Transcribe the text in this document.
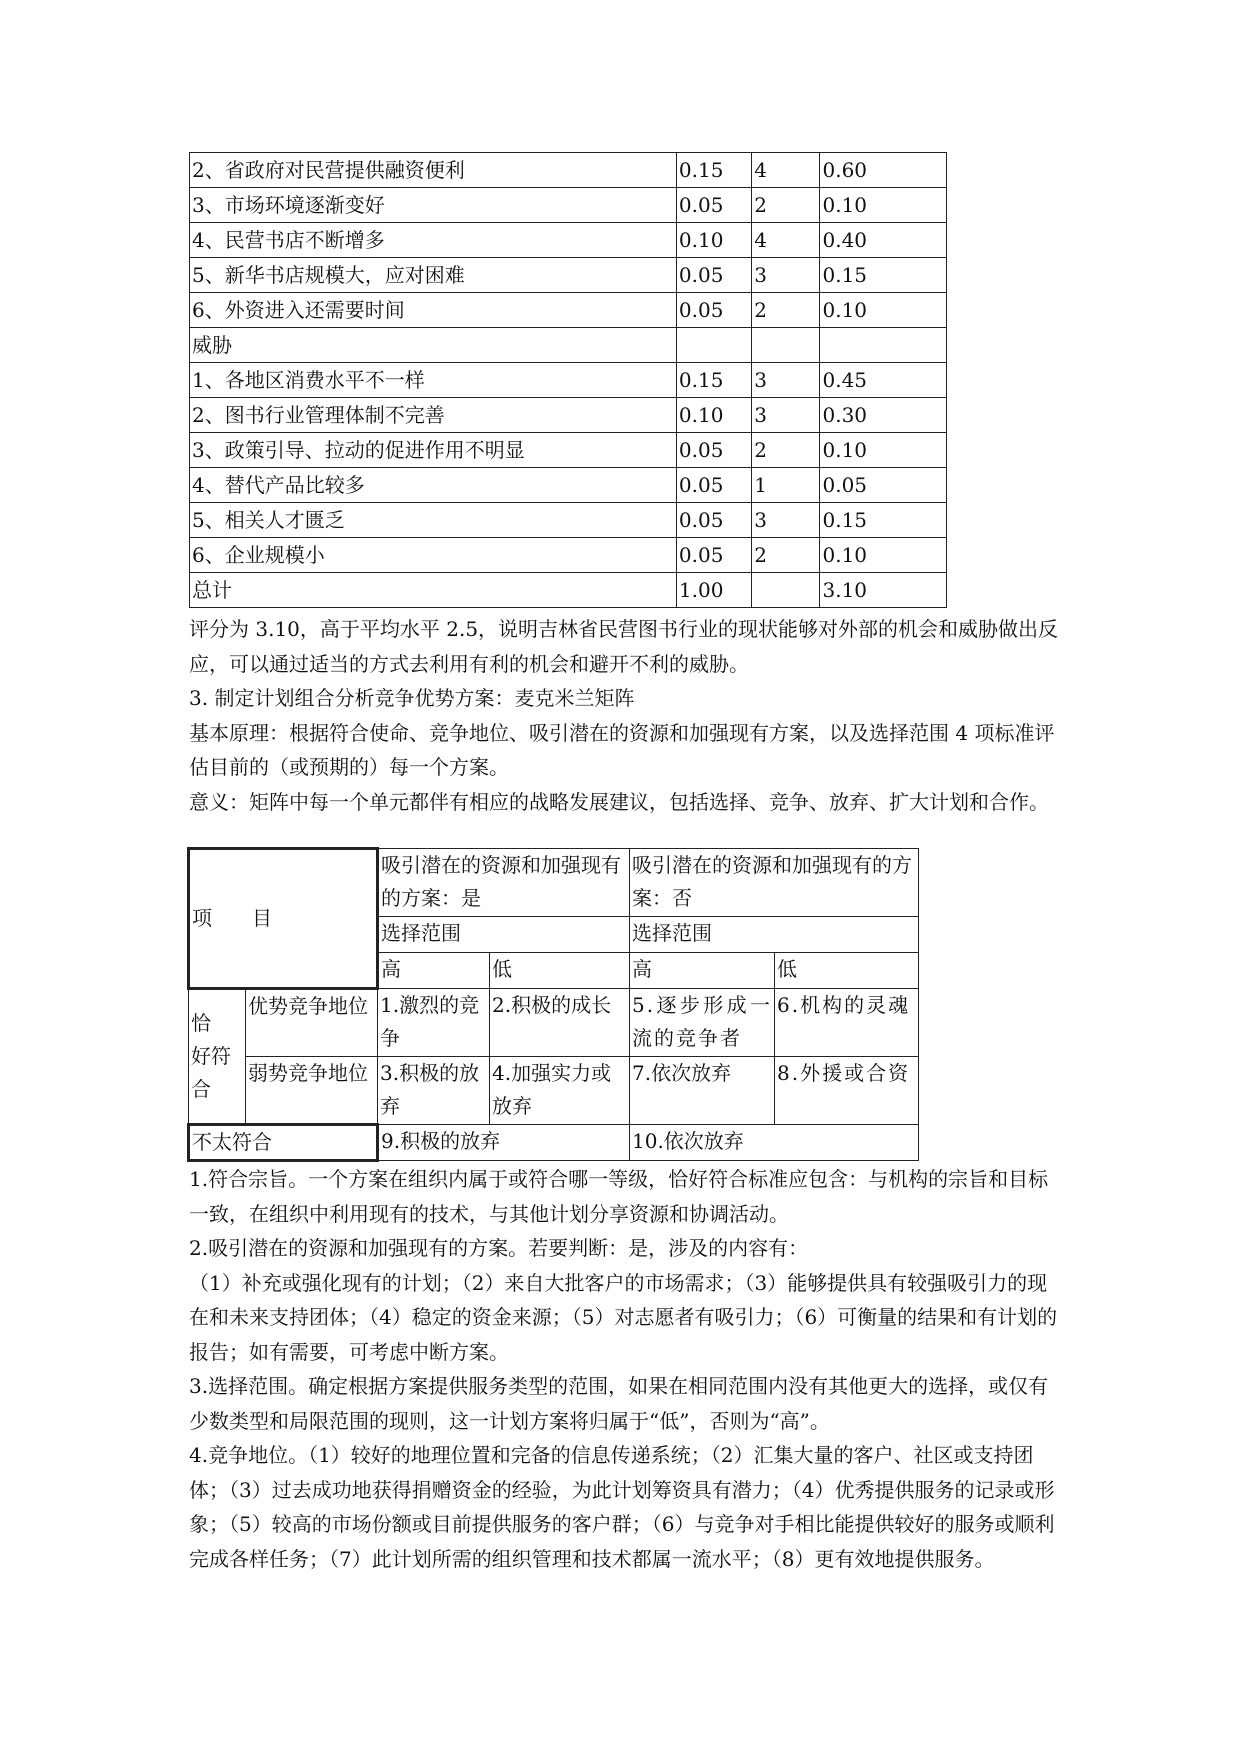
2、省政府对民营提供融资便利	0.15	4	0.60
3、市场环境逐渐变好	0.05	2	0.10
4、民营书店不断增多	0.10	4	0.40
5、新华书店规模大，应对困难	0.05	3	0.15
6、外资进入还需要时间	0.05	2	0.10
威胁			
1、各地区消费水平不一样	0.15	3	0.45
2、图书行业管理体制不完善	0.10	3	0.30
3、政策引导、拉动的促进作用不明显	0.05	2	0.10
4、替代产品比较多	0.05	1	0.05
5、相关人才匮乏	0.05	3	0.15
6、企业规模小	0.05	2	0.10
总计	1.00		3.10

评分为 3.10，高于平均水平 2.5，说明吉林省民营图书行业的现状能够对外部的机会和威胁做出反应，可以通过适当的方式去利用有利的机会和避开不利的威胁。

3. 制定计划组合分析竞争优势方案：麦克米兰矩阵

基本原理：根据符合使命、竞争地位、吸引潜在的资源和加强现有方案，以及选择范围 4 项标准评估目前的（或预期的）每一个方案。

意义：矩阵中每一个单元都伴有相应的战略发展建议，包括选择、竞争、放弃、扩大计划和合作。

项　　目		吸引潜在的资源和加强现有的方案：是		吸引潜在的资源和加强现有的方案：否	
		选择范围		选择范围	
		高	低	高	低
恰　好符合	优势竞争地位	1.激烈的竞争	2.积极的成长	5.逐步形成一流的竞争者	6.机构的灵魂
	弱势竞争地位	3.积极的放弃	4.加强实力或放弃	7.依次放弃	8.外援或合资
不太符合		9.积极的放弃		10.依次放弃	

1.符合宗旨。一个方案在组织内属于或符合哪一等级，恰好符合标准应包含：与机构的宗旨和目标一致，在组织中利用现有的技术，与其他计划分享资源和协调活动。

2.吸引潜在的资源和加强现有的方案。若要判断：是，涉及的内容有：

（1）补充或强化现有的计划；（2）来自大批客户的市场需求；（3）能够提供具有较强吸引力的现在和未来支持团体；（4）稳定的资金来源；（5）对志愿者有吸引力；（6）可衡量的结果和有计划的报告；如有需要，可考虑中断方案。

3.选择范围。确定根据方案提供服务类型的范围，如果在相同范围内没有其他更大的选择，或仅有少数类型和局限范围的现则，这一计划方案将归属于“低”，否则为“高”。

4.竞争地位。（1）较好的地理位置和完备的信息传递系统；（2）汇集大量的客户、社区或支持团体；（3）过去成功地获得捐赠资金的经验，为此计划筹资具有潜力；（4）优秀提供服务的记录或形象；（5）较高的市场份额或目前提供服务的客户群；（6）与竞争对手相比能提供较好的服务或顺利完成各样任务；（7）此计划所需的组织管理和技术都属一流水平；（8）更有效地提供服务。
